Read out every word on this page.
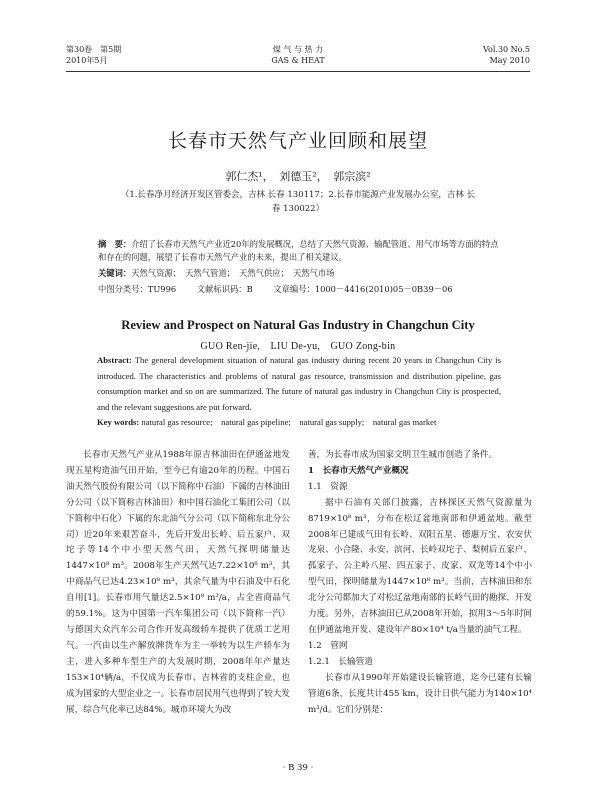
第30卷　第5期
2010年5月
煤 气 与 热 力
GAS & HEAT
Vol.30 No.5
May 2010
长春市天然气产业回顾和展望
郭仁杰¹，　刘德玉²，　郭宗滨²
（1.长春净月经济开发区管委会，吉林 长春 130117；2.长春市能源产业发展办公室，吉林 长春 130022）
摘　要：介绍了长春市天然气产业近20年的发展概况，总结了天然气资源、输配管道、用气市场等方面的特点和存在的问题，展望了长春市天然气产业的未来，提出了相关建议。
关键词：天然气资源；　天然气管道；　天然气供应；　天然气市场
中图分类号：TU996 文献标识码：B 文章编号：1000－4416(2010)05－0B39－06
Review and Prospect on Natural Gas Industry in Changchun City
GUO Ren-jie,　LIU De-yu,　GUO Zong-bin
Abstract: The general development situation of natural gas industry during recent 20 years in Changchun City is introduced. The characteristics and problems of natural gas resource, transmission and distribution pipeline, gas consumption market and so on are summarized. The future of natural gas industry in Changchun City is prospected, and the relevant suggestions are put forward.
Key words: natural gas resource;　natural gas pipeline;　natural gas supply;　natural gas market

长春市天然气产业从1988年原吉林油田在伊通盆地发现五星构造油气田开始，至今已有逾20年的历程。中国石油天然气股份有限公司（以下简称中石油）下属的吉林油田分公司（以下简称吉林油田）和中国石油化工集团公司（以下简称中石化）下属的东北油气分公司（以下简称东北分公司）近20年来艰苦奋斗，先后开发出长岭、后五家户、双坨子等14个中小型天然气田，天然气探明储量达1447×10⁸ m³。2008年生产天然气达7.22×10⁸ m³，其中商品气已达4.23×10⁸ m³，其余气量为中石油及中石化自用[1]。长春市用气量达2.5×10⁸ m³/a，占全省商品气的59.1%。这为中国第一汽车集团公司（以下简称一汽）与德国大众汽车公司合作开发高级轿车提供了优质工艺用气。一汽由以生产解放牌货车为主一举转为以生产轿车为主，进入多种车型生产的大发展时期，2008年年产量达153×10⁴辆/a，不仅成为长春市、吉林省的支柱企业，也成为国家的大型企业之一。长春市居民用气也得到了较大发展，综合气化率已达84%。城市环境大为改

善，为长春市成为国家文明卫生城市创造了条件。

1　长春市天然气产业概况
1.1　资源

据中石油有关部门披露，吉林探区天然气资源量为8719×10⁸ m³，分布在松辽盆地南部和伊通盆地。截至2008年已建成气田有长岭、双阳五星、德惠万宝、农安伏龙泉、小合隆、永安、滨河、长岭双坨子、梨树后五家户、孤家子、公主岭八屋、四五家子、皮家、双龙等14个中小型气田，探明储量为1447×10⁸ m³。当前，吉林油田和东北分公司都加大了对松辽盆地南部的长岭气田的勘探、开发力度。另外，吉林油田已从2008年开始，拟用3～5年时间在伊通盆地开发、建设年产80×10⁴ t/a当量的油气工程。

1.2　管网
1.2.1　长输管道

长春市从1990年开始建设长输管道，迄今已建有长输管道6条，长度共计455 km，设计日供气能力为140×10⁴ m³/d。它们分别是：

· B 39 ·
